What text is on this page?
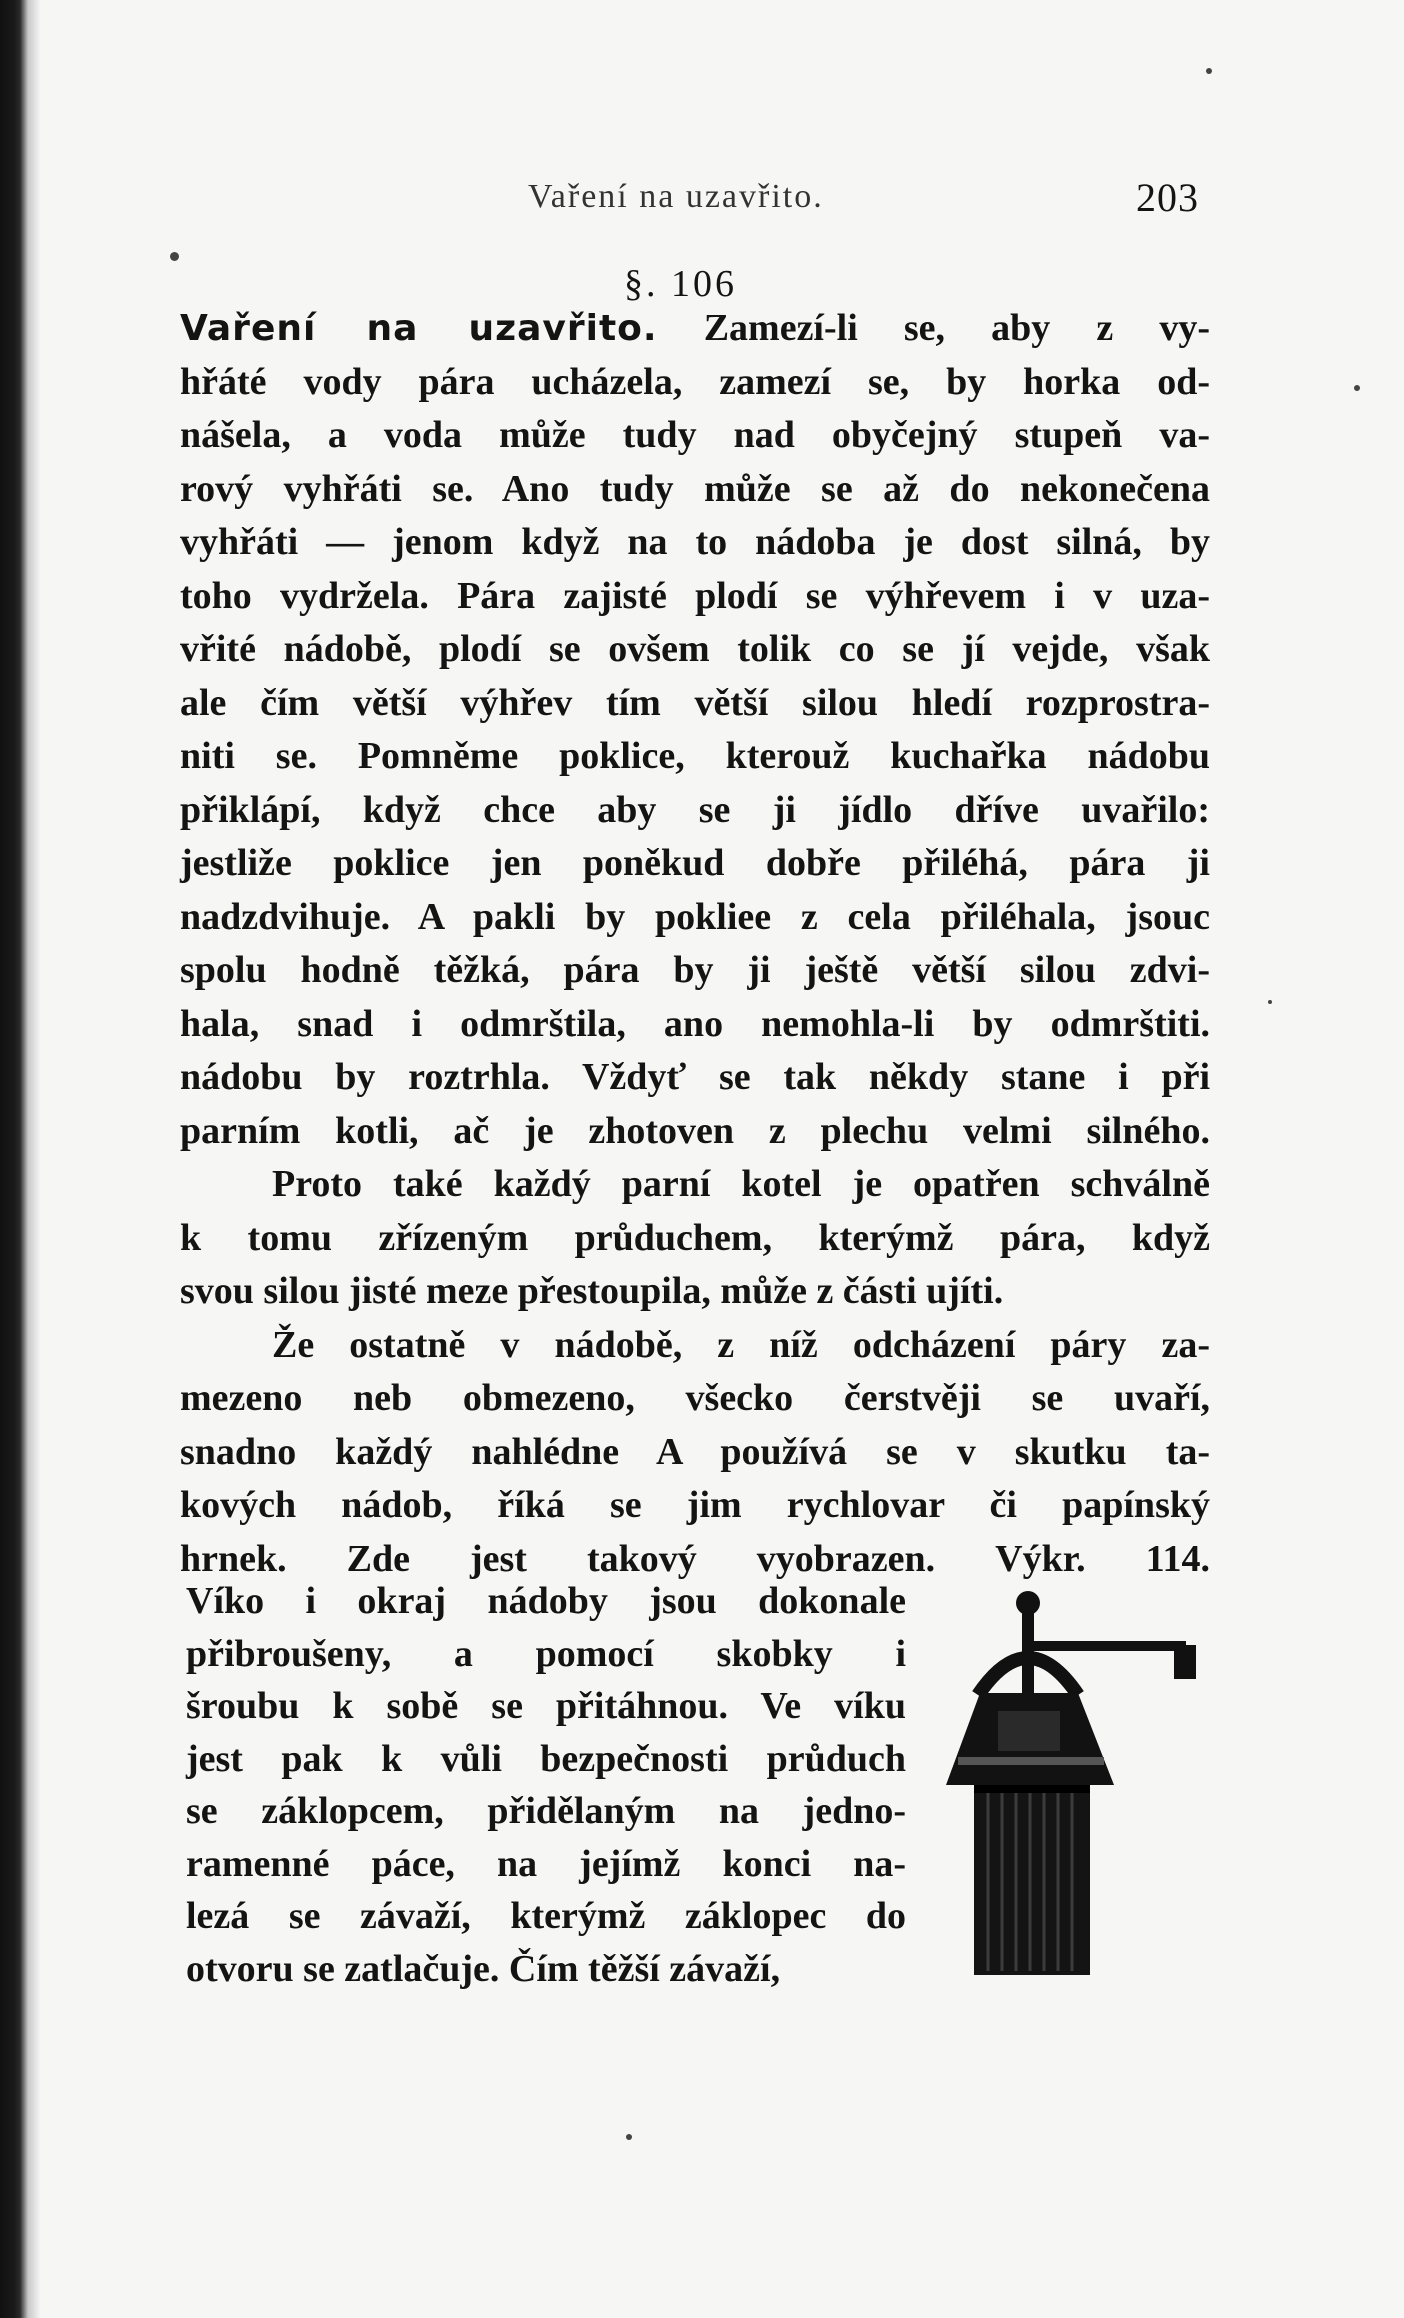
Vaření na uzavřito.	203
§. 106
Vaření na uzavřito. Zamezí-li se, aby z vy-
hřáté vody pára ucházela, zamezí se, by horka od-
nášela, a voda může tudy nad obyčejný stupeň va-
rový vyhřáti se. Ano tudy může se až do nekonečena
vyhřáti — jenom když na to nádoba je dost silná, by
toho vydržela. Pára zajisté plodí se výhřevem i v uza-
vřité nádobě, plodí se ovšem tolik co se jí vejde, však
ale čím větší výhřev tím větší silou hledí rozprostra-
niti se. Pomněme poklice, kterouž kuchařka nádobu
přiklápí, když chce aby se ji jídlo dříve uvařilo:
jestliže poklice jen poněkud dobře přiléhá, pára ji
nadzdvihuje. A pakli by pokliee z cela přiléhala, jsouc
spolu hodně těžká, pára by ji ještě větší silou zdvi-
hala, snad i odmrštila, ano nemohla-li by odmrštiti.
nádobu by roztrhla. Vždyť se tak někdy stane i při
parním kotli, ač je zhotoven z plechu velmi silného.
Proto také každý parní kotel je opatřen schválně
k tomu zřízeným průduchem, kterýmž pára, když
svou silou jisté meze přestoupila, může z části ujíti.
Že ostatně v nádobě, z níž odcházení páry za-
mezeno neb obmezeno, všecko čerstvěji se uvaří,
snadno každý nahlédne A používá se v skutku ta-
kových nádob, říká se jim rychlovar či papínský
hrnek. Zde jest takový vyobrazen. Výkr. 114.
Víko i okraj nádoby jsou dokonale
přibroušeny, a pomocí skobky i
šroubu k sobě se přitáhnou. Ve víku
jest pak k vůli bezpečnosti průduch
se záklopcem, přidělaným na jedno-
ramenné páce, na jejímž konci na-
lezá se závaží, kterýmž záklopec do
otvoru se zatlačuje. Čím těžší závaží,
